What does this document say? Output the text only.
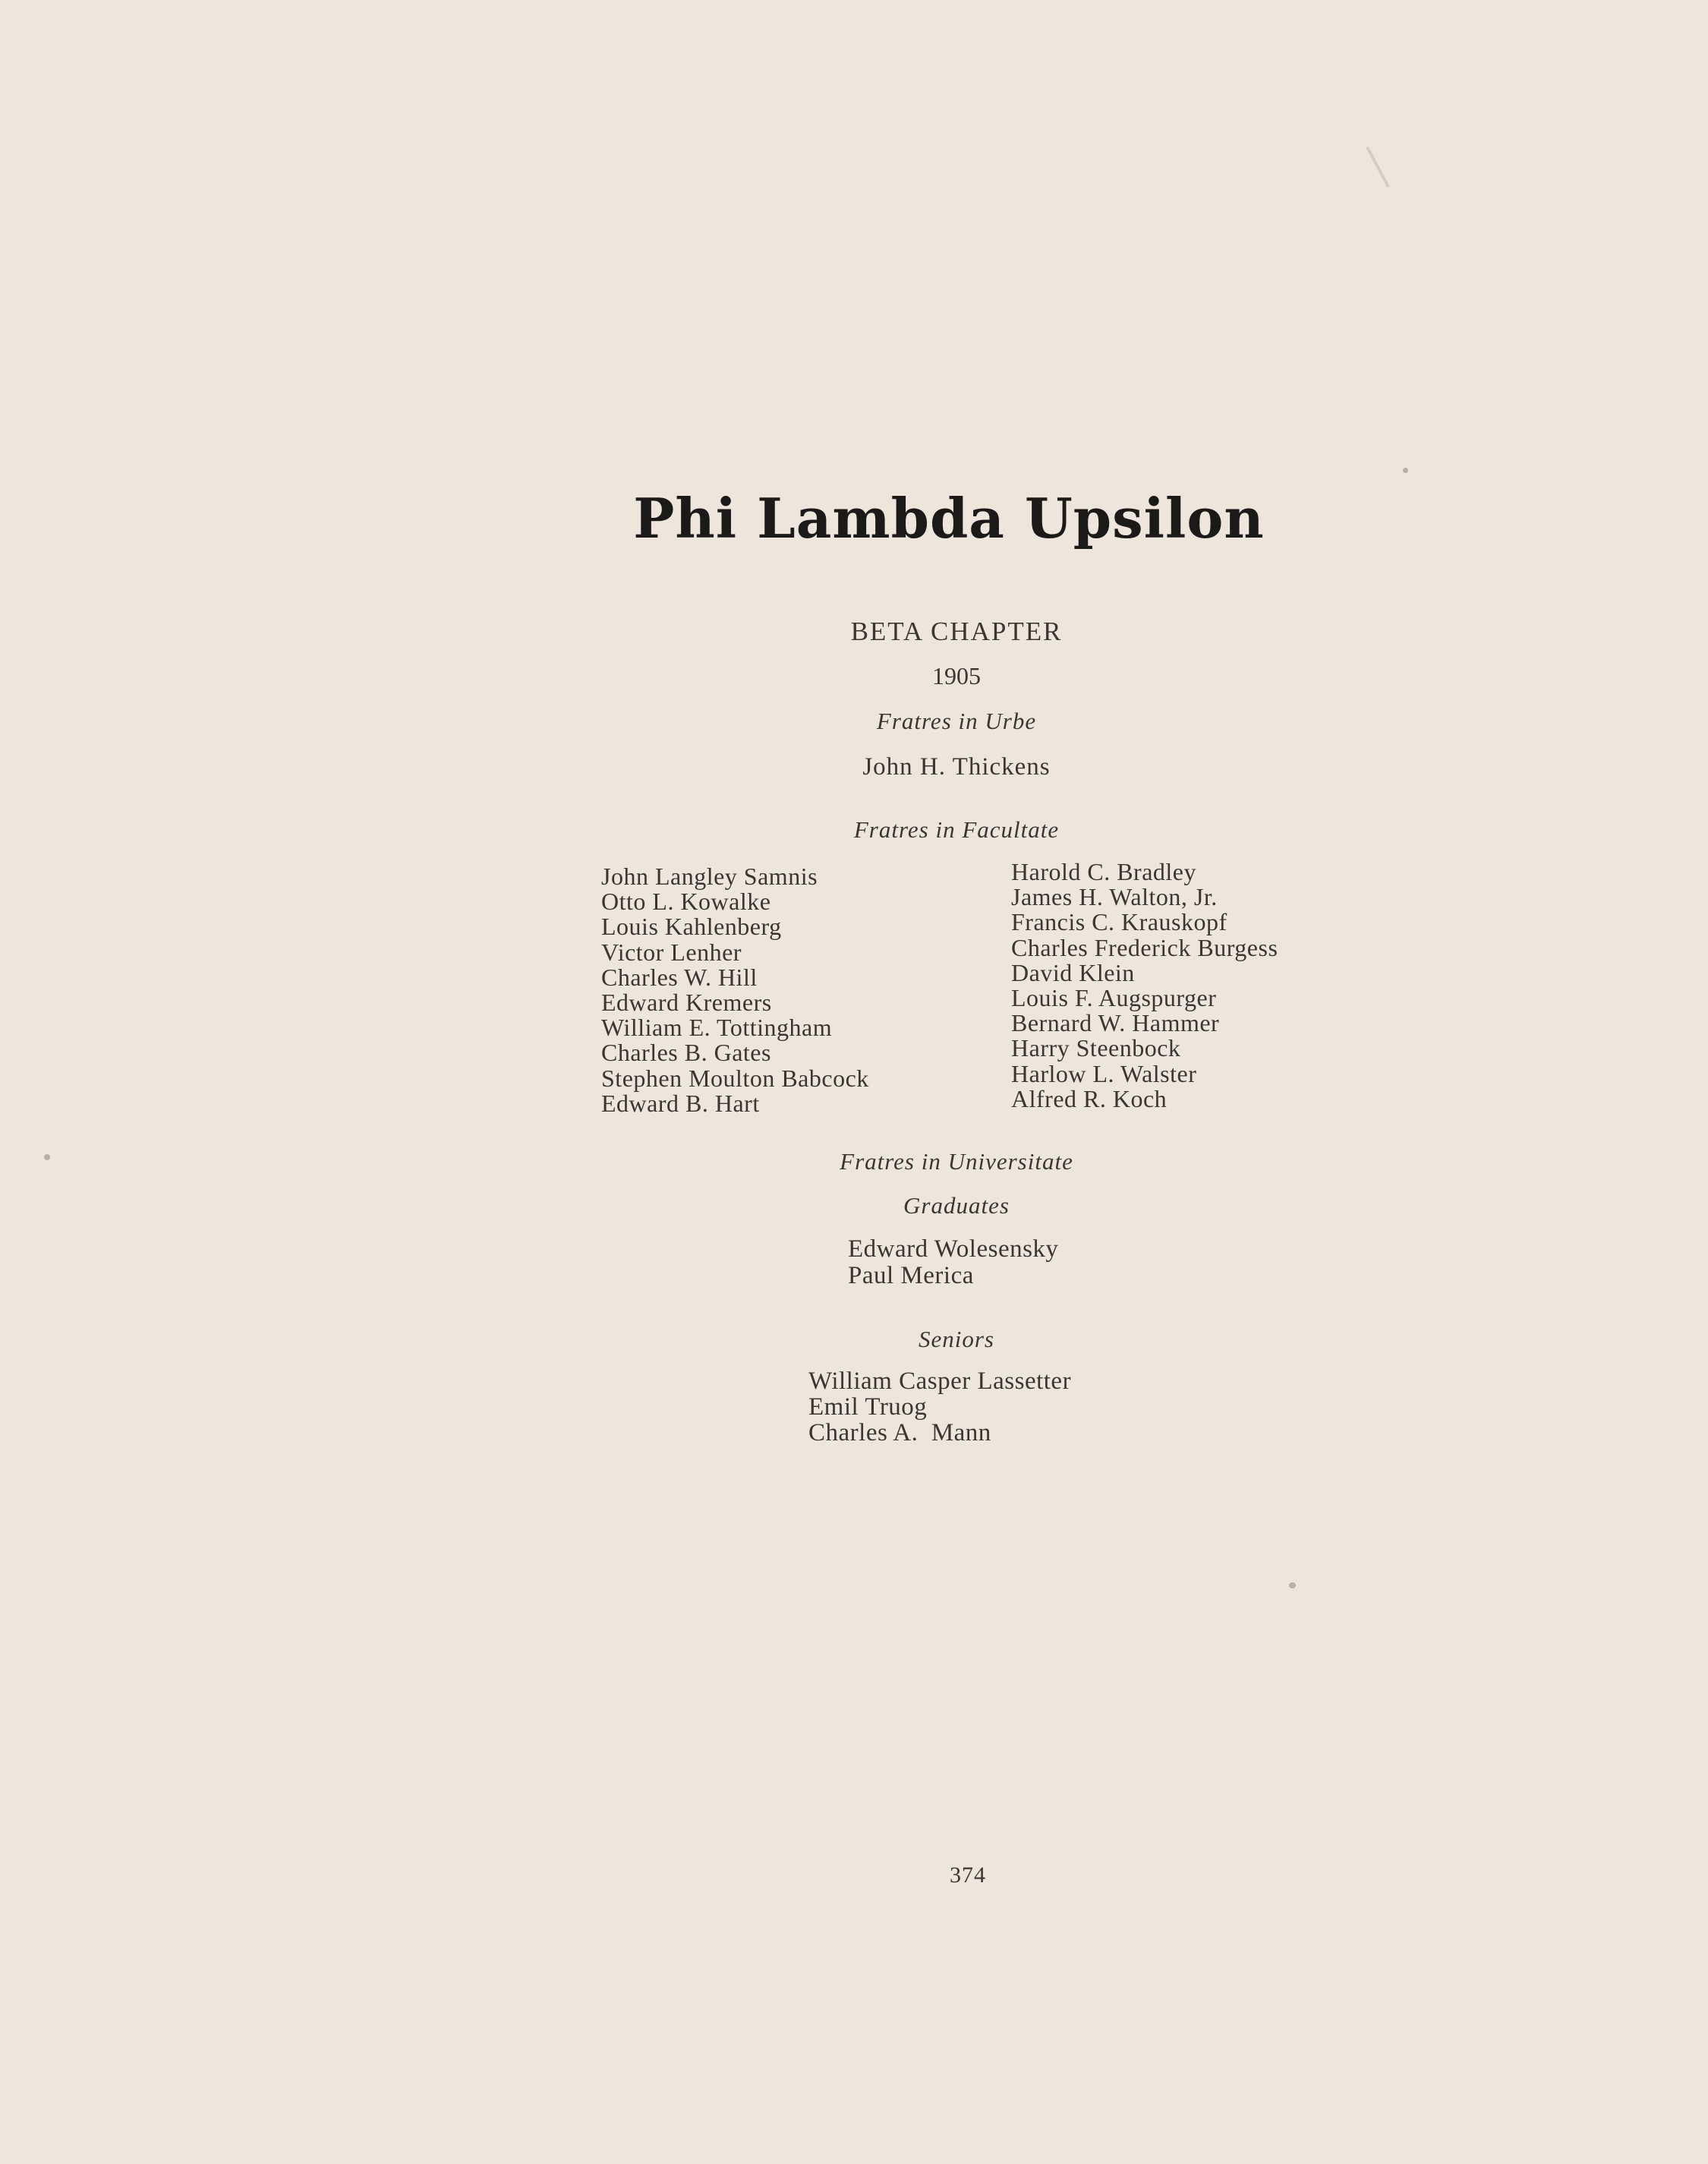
Phi Lambda Upsilon
BETA CHAPTER
1905
Fratres in Urbe
John H. Thickens
Fratres in Facultate
John Langley Samnis
Otto L. Kowalke
Louis Kahlenberg
Victor Lenher
Charles W. Hill
Edward Kremers
William E. Tottingham
Charles B. Gates
Stephen Moulton Babcock
Edward B. Hart
Harold C. Bradley
James H. Walton, Jr.
Francis C. Krauskopf
Charles Frederick Burgess
David Klein
Louis F. Augspurger
Bernard W. Hammer
Harry Steenbock
Harlow L. Walster
Alfred R. Koch
Fratres in Universitate
Graduates
Edward Wolesensky
Paul Merica
Seniors
William Casper Lassetter
Emil Truog
Charles A.  Mann
374
